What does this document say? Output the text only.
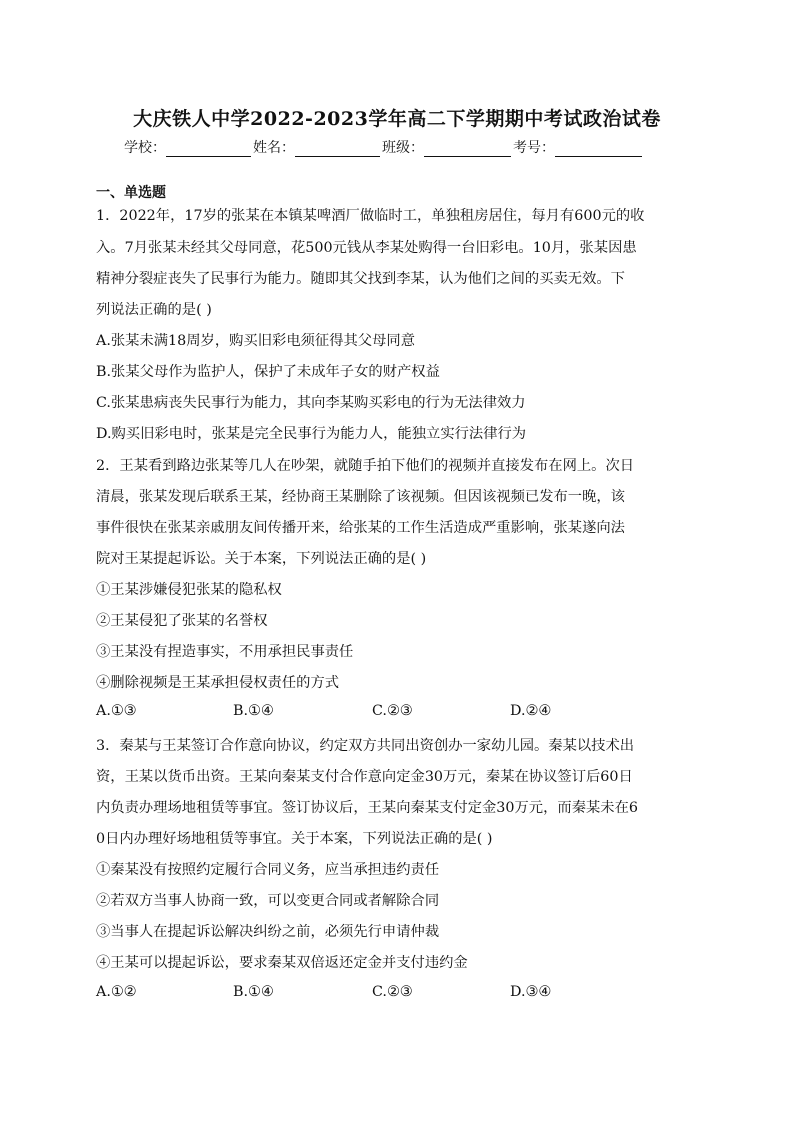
大庆铁人中学2022-2023学年高二下学期期中考试政治试卷
学校：	姓名：	班级：	考号：
一、单选题
1．2022年，17岁的张某在本镇某啤酒厂做临时工，单独租房居住，每月有600元的收
入。7月张某未经其父母同意，花500元钱从李某处购得一台旧彩电。10月，张某因患
精神分裂症丧失了民事行为能力。随即其父找到李某，认为他们之间的买卖无效。下
列说法正确的是( )
A.张某未满18周岁，购买旧彩电须征得其父母同意
B.张某父母作为监护人，保护了未成年子女的财产权益
C.张某患病丧失民事行为能力，其向李某购买彩电的行为无法律效力
D.购买旧彩电时，张某是完全民事行为能力人，能独立实行法律行为
2．王某看到路边张某等几人在吵架，就随手拍下他们的视频并直接发布在网上。次日
清晨，张某发现后联系王某，经协商王某删除了该视频。但因该视频已发布一晚，该
事件很快在张某亲戚朋友间传播开来，给张某的工作生活造成严重影响，张某遂向法
院对王某提起诉讼。关于本案，下列说法正确的是( )
①王某涉嫌侵犯张某的隐私权
②王某侵犯了张某的名誉权
③王某没有捏造事实，不用承担民事责任
④删除视频是王某承担侵权责任的方式
A.①③	B.①④	C.②③	D.②④
3．秦某与王某签订合作意向协议，约定双方共同出资创办一家幼儿园。秦某以技术出
资，王某以货币出资。王某向秦某支付合作意向定金30万元，秦某在协议签订后60日
内负责办理场地租赁等事宜。签订协议后，王某向秦某支付定金30万元，而秦某未在6
0日内办理好场地租赁等事宜。关于本案，下列说法正确的是( )
①秦某没有按照约定履行合同义务，应当承担违约责任
②若双方当事人协商一致，可以变更合同或者解除合同
③当事人在提起诉讼解决纠纷之前，必须先行申请仲裁
④王某可以提起诉讼，要求秦某双倍返还定金并支付违约金
A.①②	B.①④	C.②③	D.③④
